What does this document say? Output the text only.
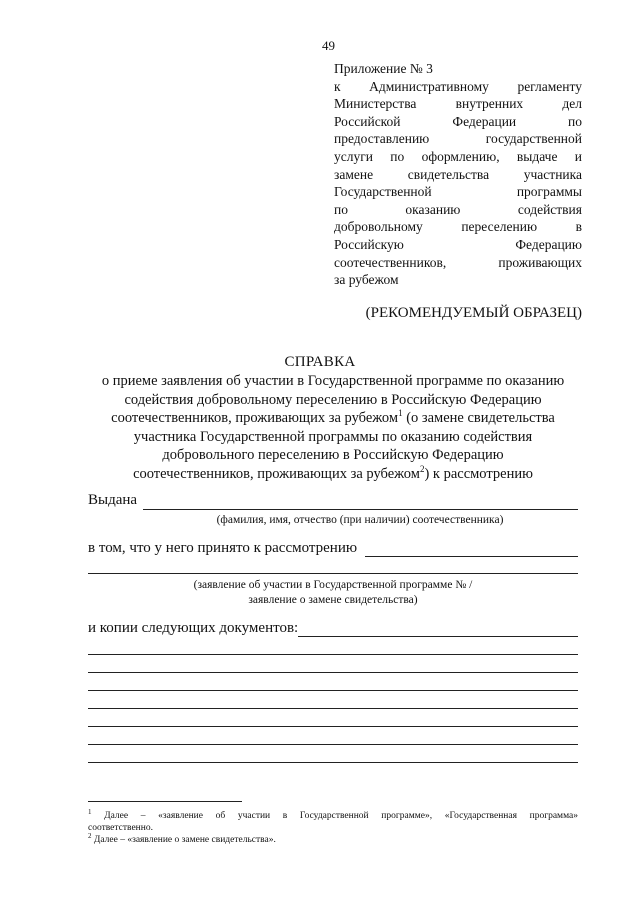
49
Приложение № 3
к Административному регламенту
Министерства внутренних дел
Российской Федерации по
предоставлению государственной
услуги по оформлению, выдаче и
замене свидетельства участника
Государственной программы
по оказанию содействия
добровольному переселению в
Российскую Федерацию
соотечественников, проживающих
за рубежом
(РЕКОМЕНДУЕМЫЙ ОБРАЗЕЦ)
СПРАВКА
о приеме заявления об участии в Государственной программе по оказанию
содействия добровольному переселению в Российскую Федерацию
соотечественников, проживающих за рубежом$^1$ (о замене свидетельства
участника Государственной программы по оказанию содействия
добровольного переселению в Российскую Федерацию
соотечественников, проживающих за рубежом$^2$) к рассмотрению
Выдана
(фамилия, имя, отчество (при наличии) соотечественника)
в том, что у него принято к рассмотрению
(заявление об участии в Государственной программе № /
заявление о замене свидетельства)
и копии следующих документов:
$^1$ Далее – «заявление об участии в Государственной программе», «Государственная программа»
соответственно.
$^2$ Далее – «заявление о замене свидетельства».
